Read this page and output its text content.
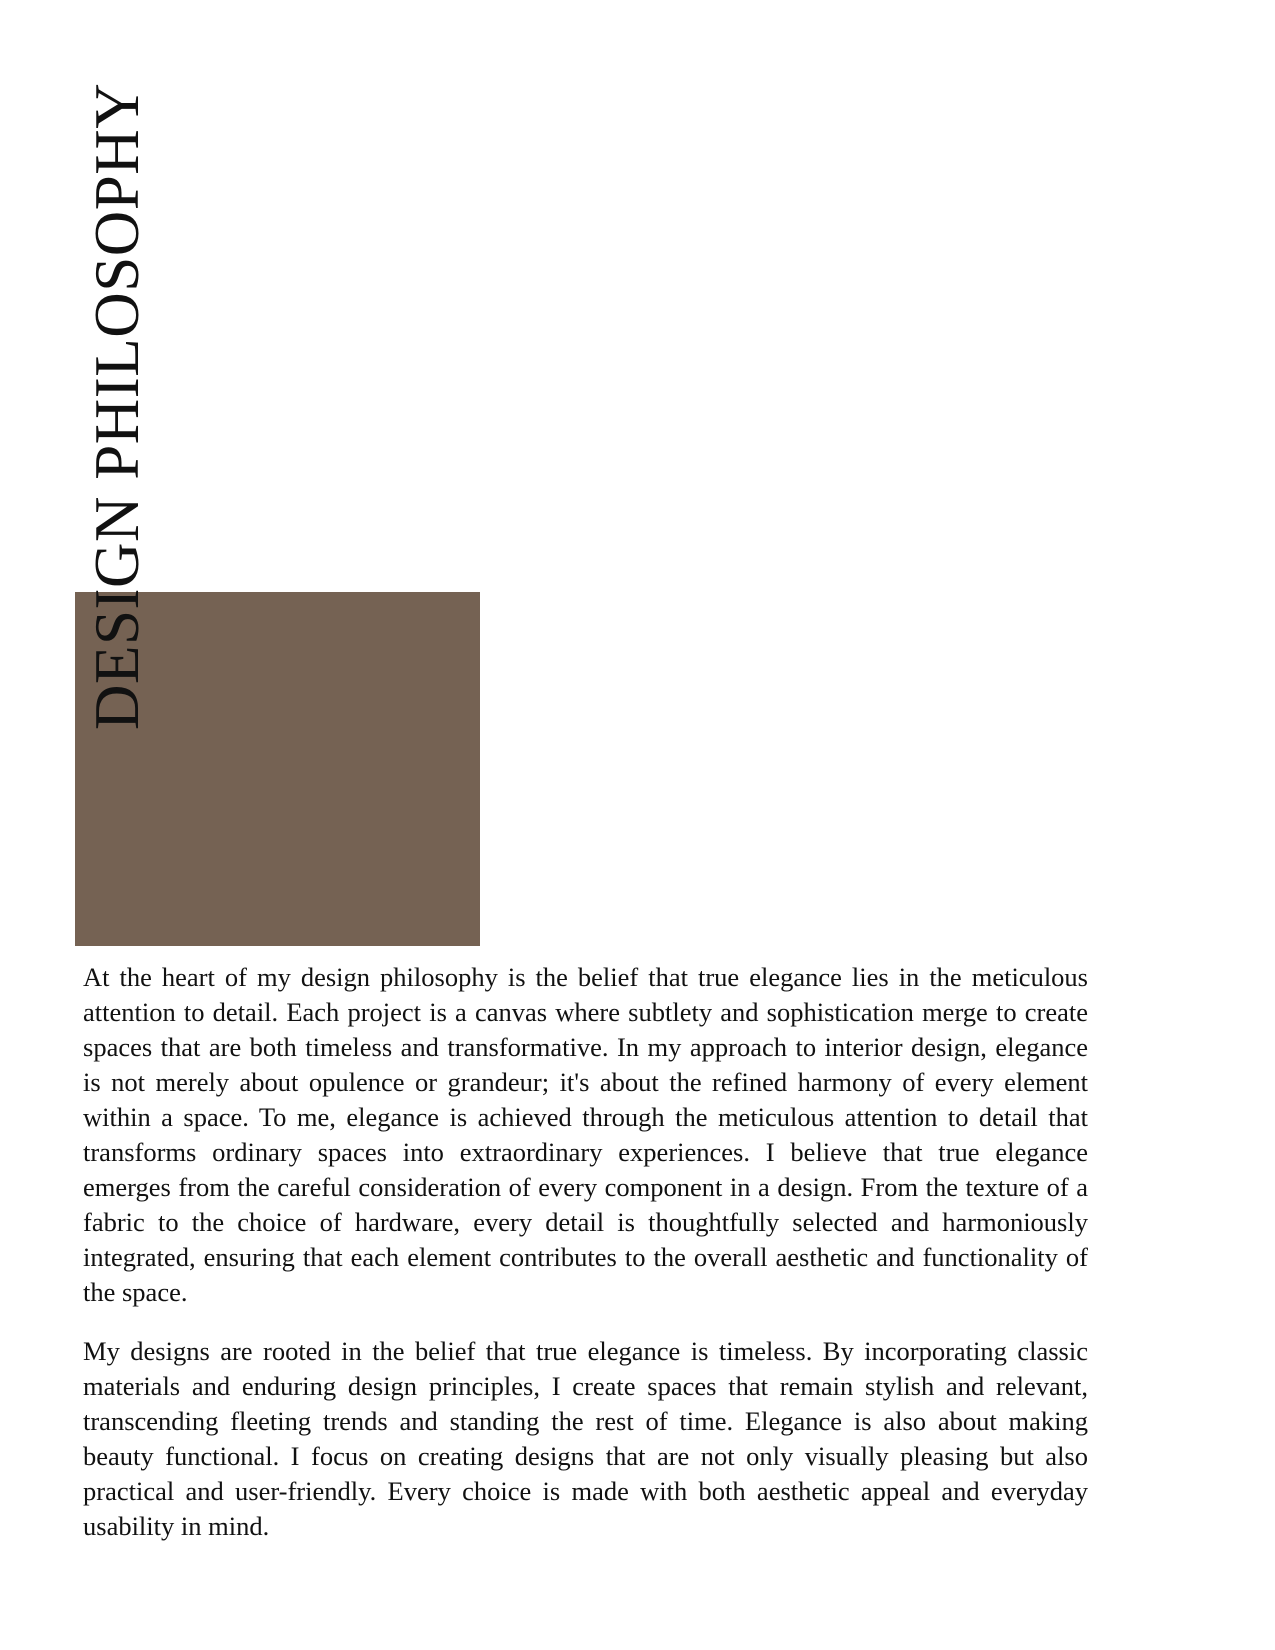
DESIGN PHILOSOPHY

At the heart of my design philosophy is the belief that true elegance lies in the meticulous attention to detail. Each project is a canvas where subtlety and sophistication merge to create spaces that are both timeless and transformative. In my approach to interior design, elegance is not merely about opulence or grandeur; it's about the refined harmony of every element within a space. To me, elegance is achieved through the meticulous attention to detail that transforms ordinary spaces into extraordinary experiences. I believe that true elegance emerges from the careful consideration of every component in a design. From the texture of a fabric to the choice of hardware, every detail is thoughtfully selected and harmoniously integrated, ensuring that each element contributes to the overall aesthetic and functionality of the space.

My designs are rooted in the belief that true elegance is timeless. By incorporating classic materials and enduring design principles, I create spaces that remain stylish and relevant, transcending fleeting trends and standing the rest of time. Elegance is also about making beauty functional. I focus on creating designs that are not only visually pleasing but also practical and user-friendly. Every choice is made with both aesthetic appeal and everyday usability in mind.
